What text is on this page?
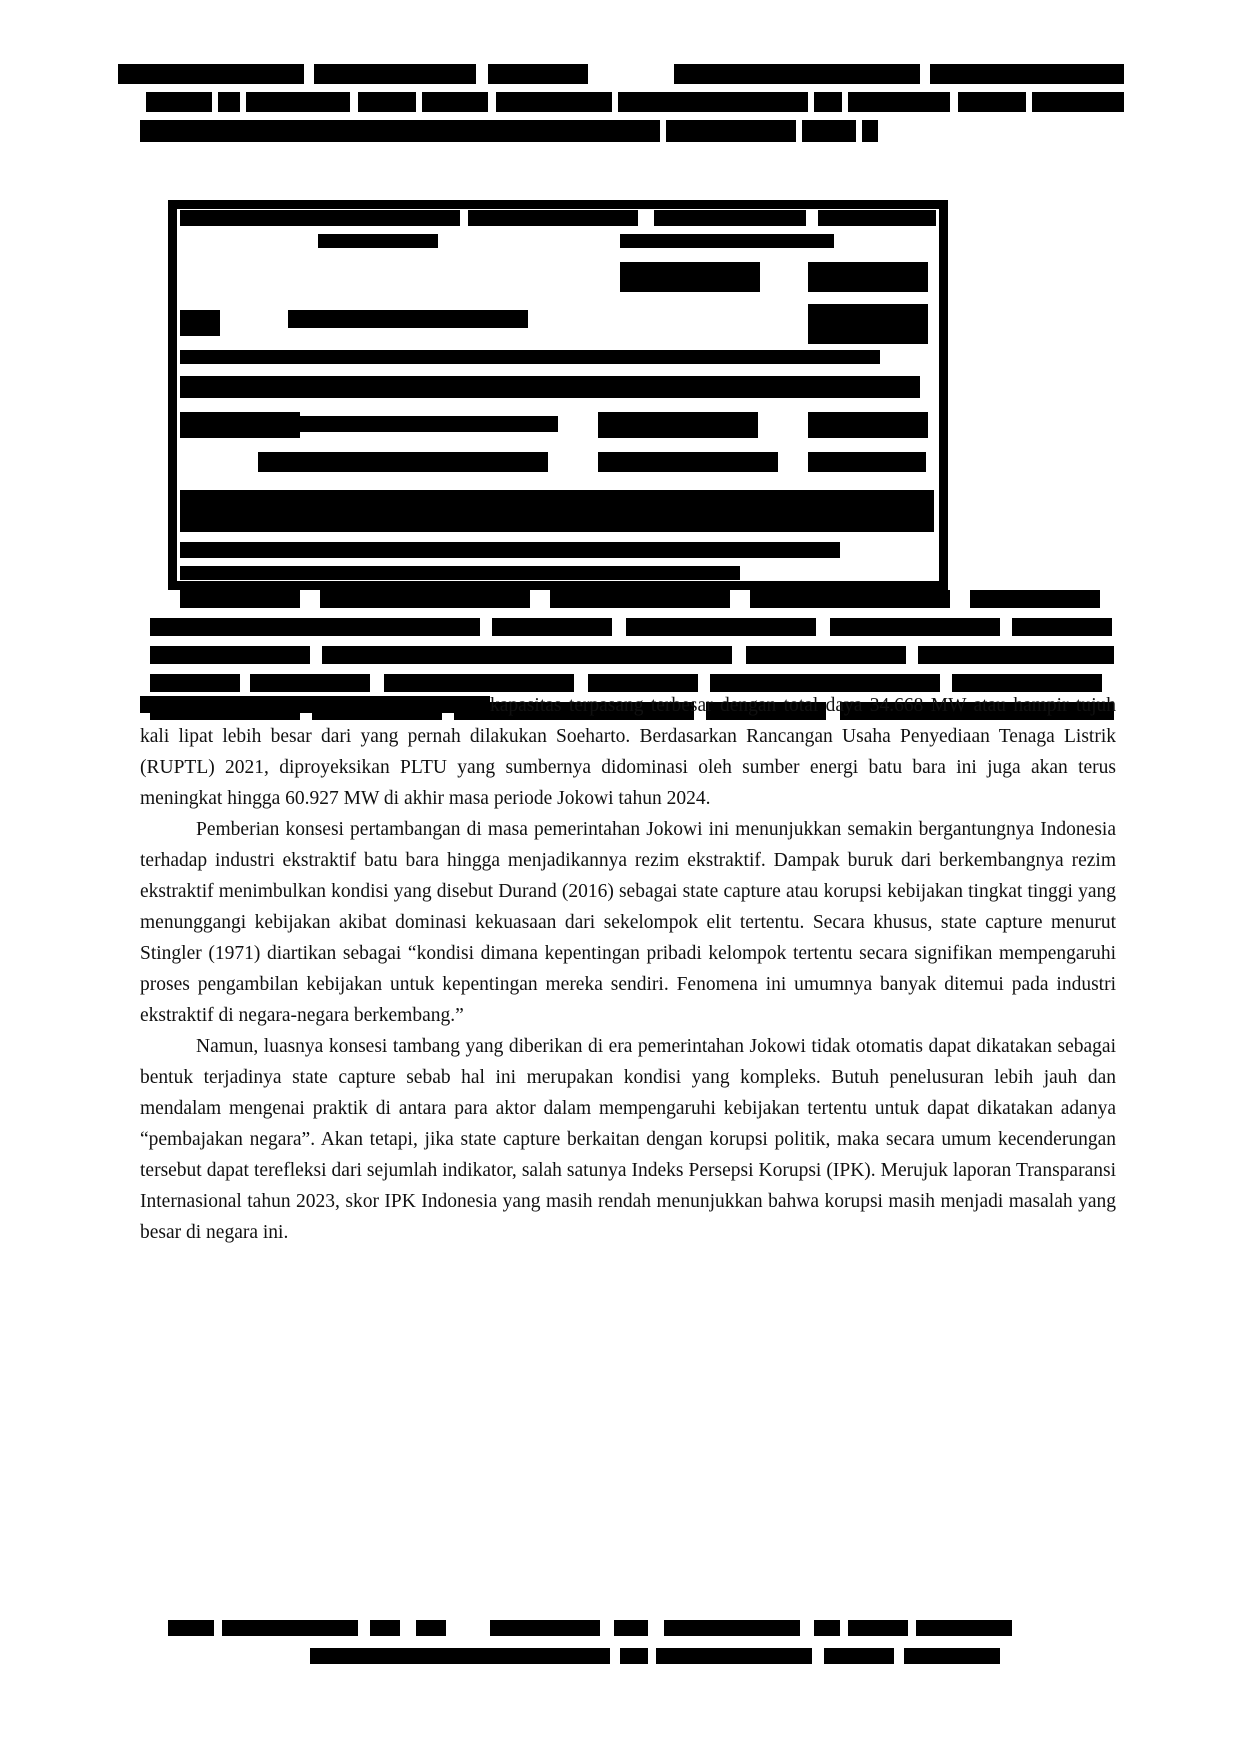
kapasitas terpasang terbesar dengan total daya 34.668 MW atau hampir tujuh kali lipat lebih besar dari yang pernah dilakukan Soeharto. Berdasarkan Rancangan Usaha Penyediaan Tenaga Listrik (RUPTL) 2021, diproyeksikan PLTU yang sumbernya didominasi oleh sumber energi batu bara ini juga akan terus meningkat hingga 60.927 MW di akhir masa periode Jokowi tahun 2024.

Pemberian konsesi pertambangan di masa pemerintahan Jokowi ini menunjukkan semakin bergantungnya Indonesia terhadap industri ekstraktif batu bara hingga menjadikannya rezim ekstraktif. Dampak buruk dari berkembangnya rezim ekstraktif menimbulkan kondisi yang disebut Durand (2016) sebagai state capture atau korupsi kebijakan tingkat tinggi yang menunggangi kebijakan akibat dominasi kekuasaan dari sekelompok elit tertentu. Secara khusus, state capture menurut Stingler (1971) diartikan sebagai “kondisi dimana kepentingan pribadi kelompok tertentu secara signifikan mempengaruhi proses pengambilan kebijakan untuk kepentingan mereka sendiri. Fenomena ini umumnya banyak ditemui pada industri ekstraktif di negara-negara berkembang.”

Namun, luasnya konsesi tambang yang diberikan di era pemerintahan Jokowi tidak otomatis dapat dikatakan sebagai bentuk terjadinya state capture sebab hal ini merupakan kondisi yang kompleks. Butuh penelusuran lebih jauh dan mendalam mengenai praktik di antara para aktor dalam mempengaruhi kebijakan tertentu untuk dapat dikatakan adanya “pembajakan negara”. Akan tetapi, jika state capture berkaitan dengan korupsi politik, maka secara umum kecenderungan tersebut dapat terefleksi dari sejumlah indikator, salah satunya Indeks Persepsi Korupsi (IPK). Merujuk laporan Transparansi Internasional tahun 2023, skor IPK Indonesia yang masih rendah menunjukkan bahwa korupsi masih menjadi masalah yang besar di negara ini.
